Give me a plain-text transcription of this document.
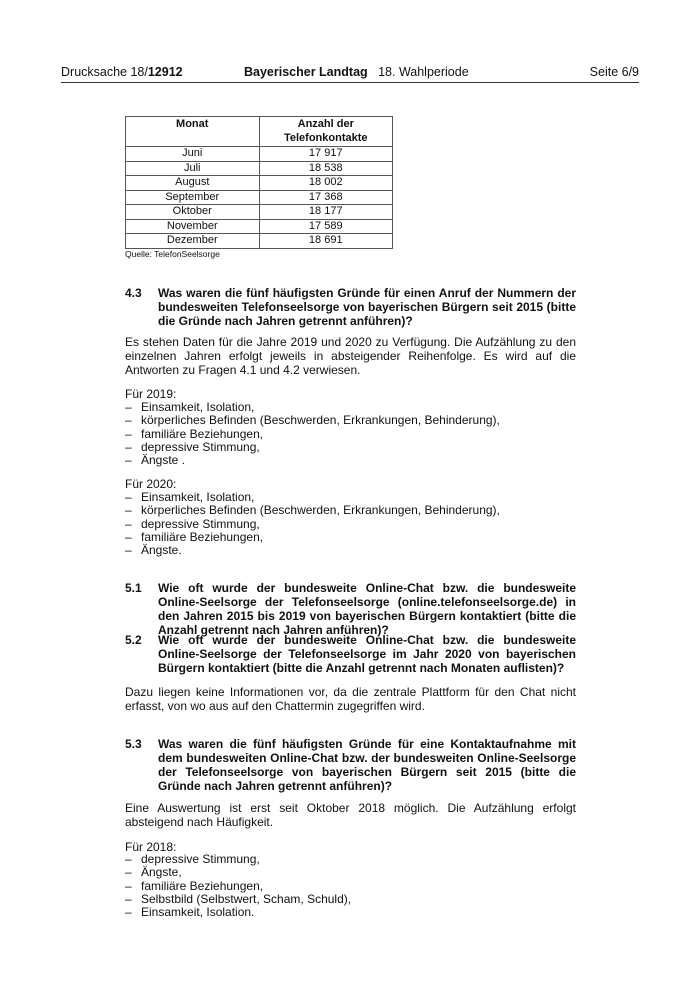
Drucksache 18/12912	Bayerischer Landtag 18. Wahlperiode	Seite 6/9
Monat	Anzahl der
Telefonkontakte
Juni	17 917
Juli	18 538
August	18 002
September	17 368
Oktober	18 177
November	17 589
Dezember	18 691
Quelle: TelefonSeelsorge
4.3	Was waren die fünf häufigsten Gründe für einen Anruf der Nummern der bundesweiten Telefonseelsorge von bayerischen Bürgern seit 2015 (bitte die Gründe nach Jahren getrennt anführen)?
Es stehen Daten für die Jahre 2019 und 2020 zu Verfügung. Die Aufzählung zu den einzelnen Jahren erfolgt jeweils in absteigender Reihenfolge. Es wird auf die Antworten zu Fragen 4.1 und 4.2 verwiesen.
Für 2019:
– Einsamkeit, Isolation,
– körperliches Befinden (Beschwerden, Erkrankungen, Behinderung),
– familiäre Beziehungen,
– depressive Stimmung,
– Ängste .
Für 2020:
– Einsamkeit, Isolation,
– körperliches Befinden (Beschwerden, Erkrankungen, Behinderung),
– depressive Stimmung,
– familiäre Beziehungen,
– Ängste.
5.1	Wie oft wurde der bundesweite Online-Chat bzw. die bundesweite Online-Seelsorge der Telefonseelsorge (online.telefonseelsorge.de) in den Jahren 2015 bis 2019 von bayerischen Bürgern kontaktiert (bitte die Anzahl getrennt nach Jahren anführen)?
5.2	Wie oft wurde der bundesweite Online-Chat bzw. die bundesweite Online-Seelsorge der Telefonseelsorge im Jahr 2020 von bayerischen Bürgern kontaktiert (bitte die Anzahl getrennt nach Monaten auflisten)?
Dazu liegen keine Informationen vor, da die zentrale Plattform für den Chat nicht erfasst, von wo aus auf den Chattermin zugegriffen wird.
5.3	Was waren die fünf häufigsten Gründe für eine Kontaktaufnahme mit dem bundesweiten Online-Chat bzw. der bundesweiten Online-Seelsorge der Telefonseelsorge von bayerischen Bürgern seit 2015 (bitte die Gründe nach Jahren getrennt anführen)?
Eine Auswertung ist erst seit Oktober 2018 möglich. Die Aufzählung erfolgt absteigend nach Häufigkeit.
Für 2018:
– depressive Stimmung,
– Ängste,
– familiäre Beziehungen,
– Selbstbild (Selbstwert, Scham, Schuld),
– Einsamkeit, Isolation.
